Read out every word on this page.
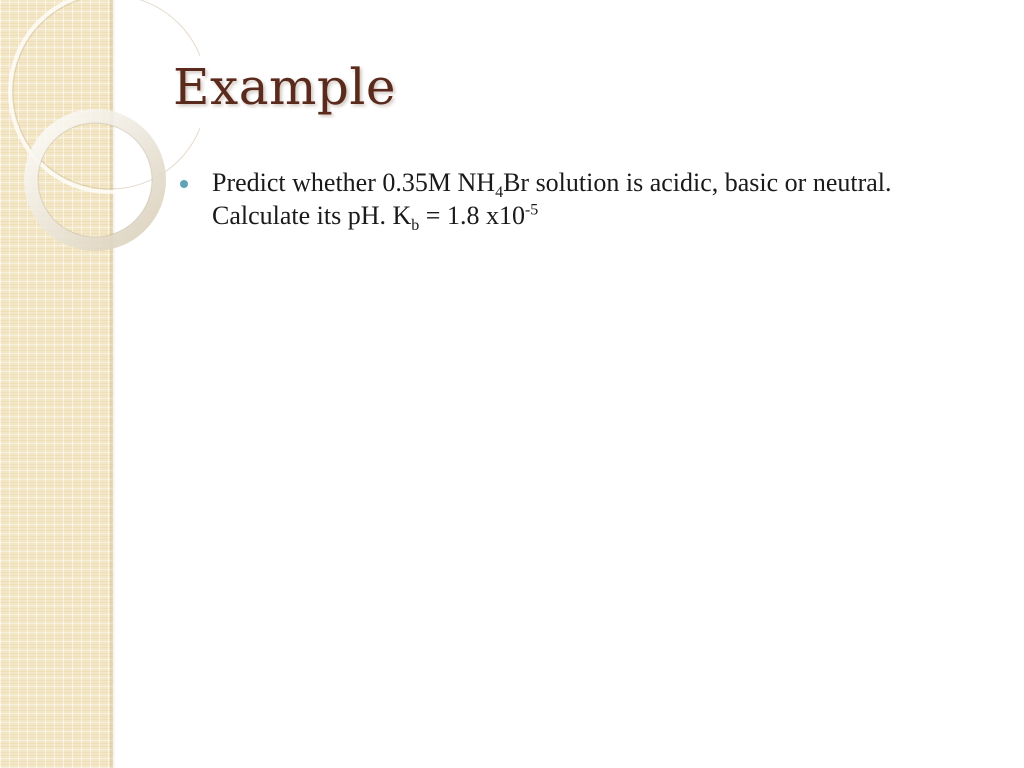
Example
Predict whether 0.35M $NH_4Br$ solution is acidic, basic or neutral. Calculate its pH. $K_b = 1.8$ $x10^{-5}$
